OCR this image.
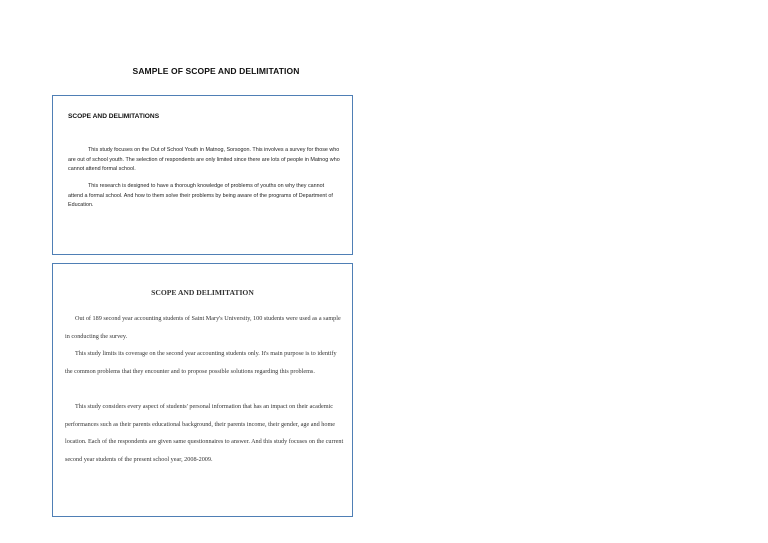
SAMPLE OF SCOPE AND DELIMITATION
SCOPE AND DELIMITATIONS

This study focuses on the Out of School Youth in Matnog, Sorsogon. This involves a survey for those who are out of school youth. The selection of respondents are only limited since there are lots of people in Matnog who cannot attend formal school.

This research is designed to have a thorough knowledge of problems of youths on why they cannot attend a formal school. And how to them solve their problems by being aware of the programs of Department of Education.

SCOPE AND DELIMITATION

Out of 189 second year accounting students of Saint Mary's University, 100 students were used as a sample in conducting the survey.

This study limits its coverage on the second year accounting students only. It's main purpose is to identify the common problems that they encounter and to propose possible solutions regarding this problems.

This study considers every aspect of students' personal information that has an impact on their academic performances such as their parents educational background, their parents income, their gender, age and home location. Each of the respondents are given same questionnaires to answer. And this study focuses on the current second year students of the present school year, 2008-2009.
